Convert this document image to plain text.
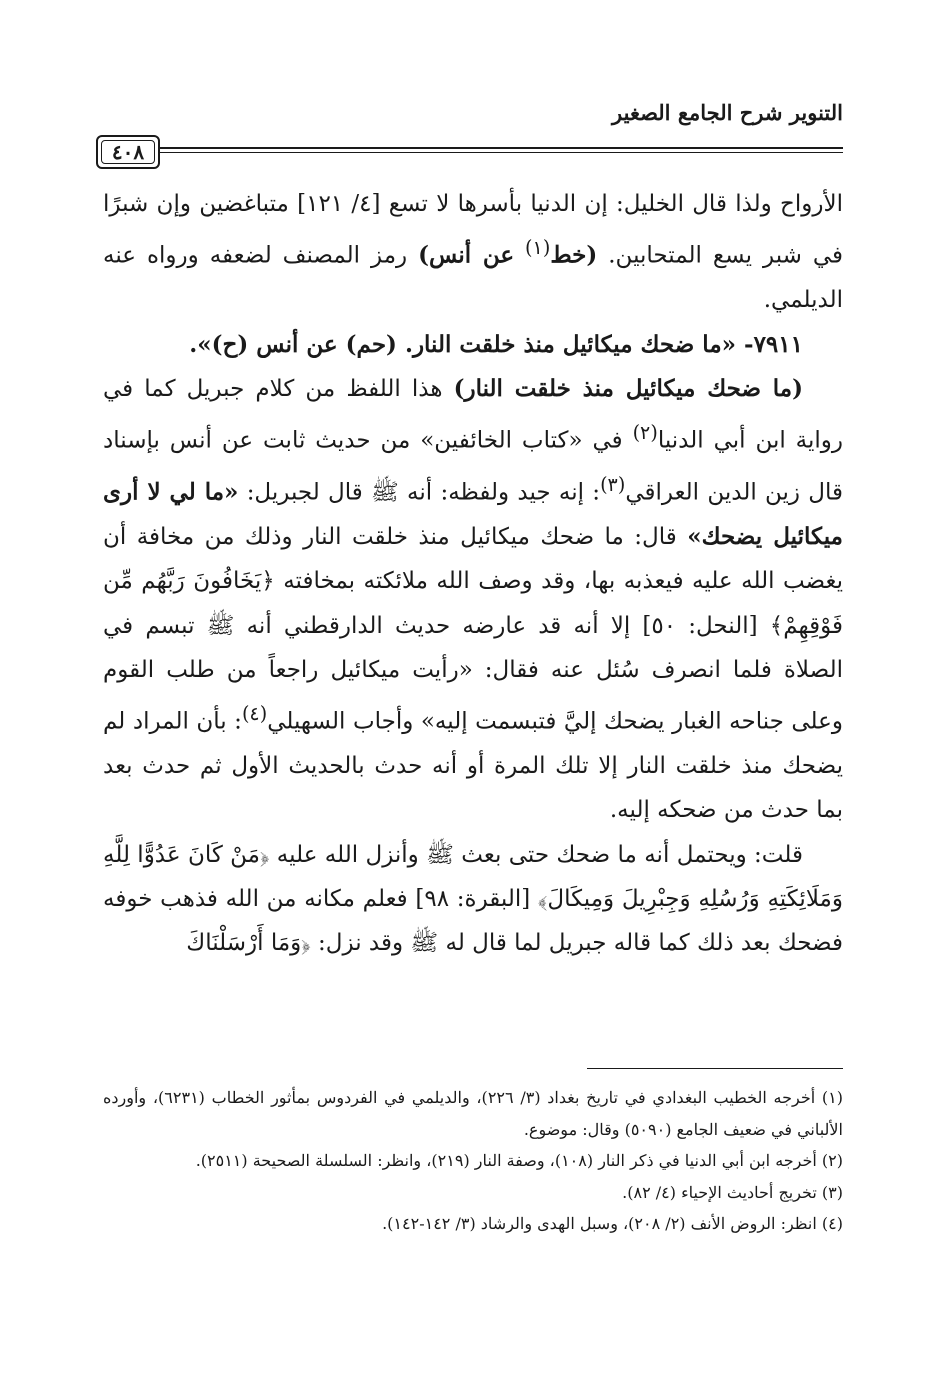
التنوير شرح الجامع الصغير
٤٠٨

الأرواح ولذا قال الخليل: إن الدنيا بأسرها لا تسع [٤/ ١٢١] متباغضين وإن شبرًا في شبر يسع المتحابين. (خط$^{(١)}$ عن أنس) رمز المصنف لضعفه ورواه عنه الديلمي.

٧٩١١- «ما ضحك ميكائيل منذ خلقت النار. (حم) عن أنس (ح)».

(ما ضحك ميكائيل منذ خلقت النار) هذا اللفظ من كلام جبريل كما في رواية ابن أبي الدنيا$^{(٢)}$ في «كتاب الخائفين» من حديث ثابت عن أنس بإسناد قال زين الدين العراقي$^{(٣)}$: إنه جيد ولفظه: أنه ﷺ قال لجبريل: «ما لي لا أرى ميكائيل يضحك» قال: ما ضحك ميكائيل منذ خلقت النار وذلك من مخافة أن يغضب الله عليه فيعذبه بها، وقد وصف الله ملائكته بمخافته ﴿يَخَافُونَ رَبَّهُم مِّن فَوْقِهِمْ﴾ [النحل: ٥٠] إلا أنه قد عارضه حديث الدارقطني أنه ﷺ تبسم في الصلاة فلما انصرف سُئل عنه فقال: «رأيت ميكائيل راجعاً من طلب القوم وعلى جناحه الغبار يضحك إليَّ فتبسمت إليه» وأجاب السهيلي$^{(٤)}$: بأن المراد لم يضحك منذ خلقت النار إلا تلك المرة أو أنه حدث بالحديث الأول ثم حدث بعد بما حدث من ضحكه إليه.

قلت: ويحتمل أنه ما ضحك حتى بعث ﷺ وأنزل الله عليه ﴿مَنْ كَانَ عَدُوًّا لِلَّهِ وَمَلَائِكَتِهِ وَرُسُلِهِ وَجِبْرِيلَ وَمِيكَالَ﴾ [البقرة: ٩٨] فعلم مكانه من الله فذهب خوفه فضحك بعد ذلك كما قاله جبريل لما قال له ﷺ وقد نزل: ﴿وَمَا أَرْسَلْنَاكَ

(١) أخرجه الخطيب البغدادي في تاريخ بغداد (٣/ ٢٢٦)، والديلمي في الفردوس بمأثور الخطاب (٦٢٣١)، وأورده الألباني في ضعيف الجامع (٥٠٩٠) وقال: موضوع.

(٢) أخرجه ابن أبي الدنيا في ذكر النار (١٠٨)، وصفة النار (٢١٩)، وانظر: السلسلة الصحيحة (٢٥١١).

(٣) تخريج أحاديث الإحياء (٤/ ٨٢).

(٤) انظر: الروض الأنف (٢/ ٢٠٨)، وسبل الهدى والرشاد (٣/ ١٤٢-١٤٢).
